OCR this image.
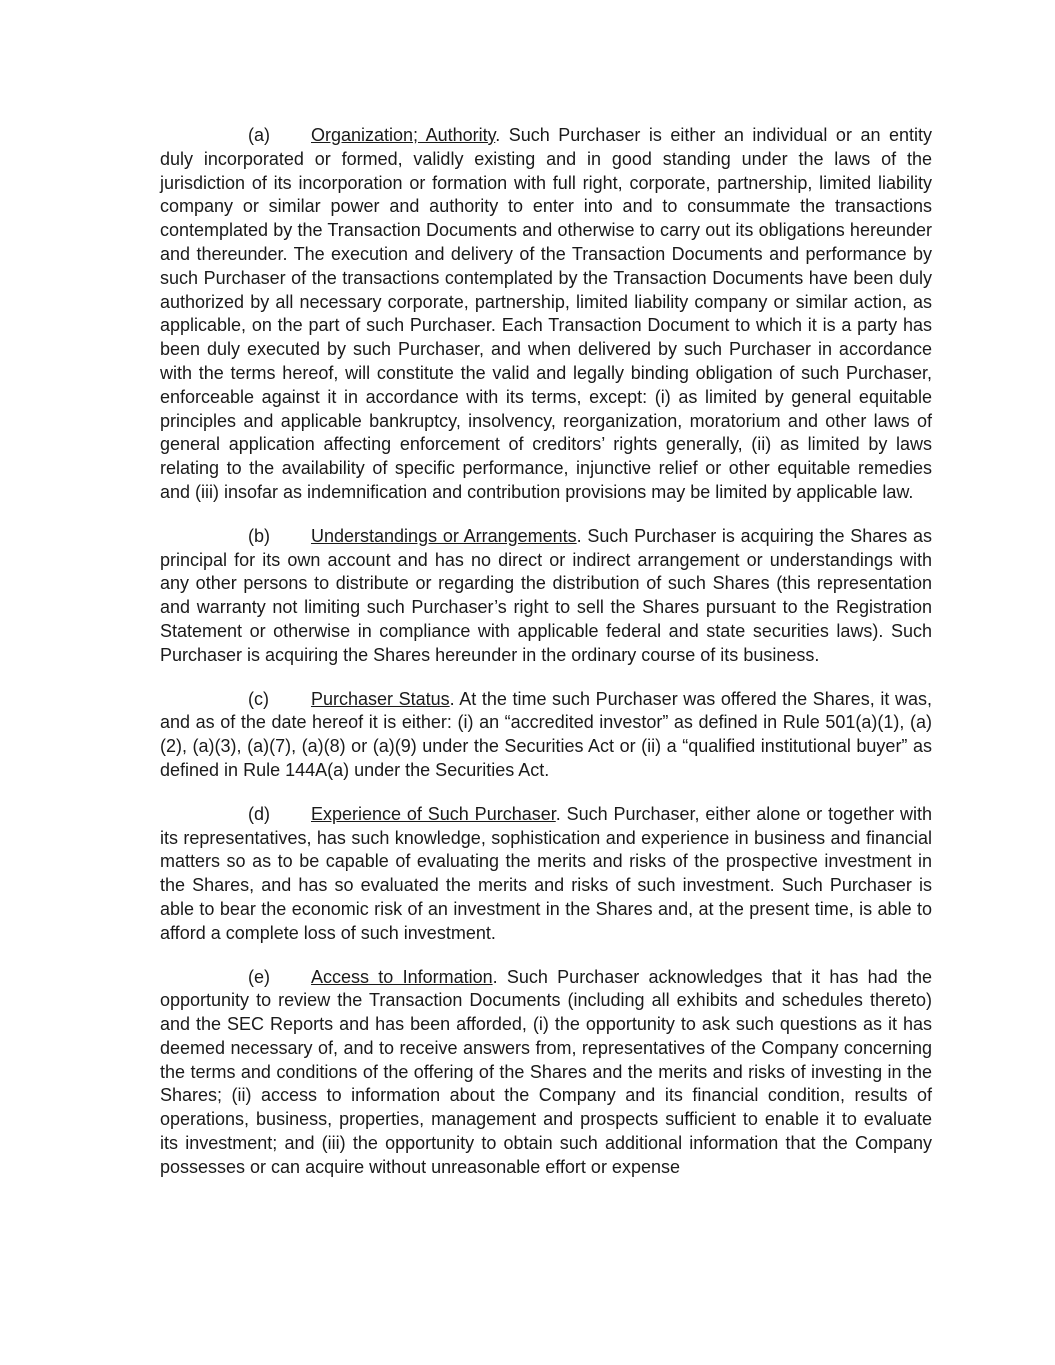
(a) Organization; Authority. Such Purchaser is either an individual or an entity duly incorporated or formed, validly existing and in good standing under the laws of the jurisdiction of its incorporation or formation with full right, corporate, partnership, limited liability company or similar power and authority to enter into and to consummate the transactions contemplated by the Transaction Documents and otherwise to carry out its obligations hereunder and thereunder. The execution and delivery of the Transaction Documents and performance by such Purchaser of the transactions contemplated by the Transaction Documents have been duly authorized by all necessary corporate, partnership, limited liability company or similar action, as applicable, on the part of such Purchaser. Each Transaction Document to which it is a party has been duly executed by such Purchaser, and when delivered by such Purchaser in accordance with the terms hereof, will constitute the valid and legally binding obligation of such Purchaser, enforceable against it in accordance with its terms, except: (i) as limited by general equitable principles and applicable bankruptcy, insolvency, reorganization, moratorium and other laws of general application affecting enforcement of creditors’ rights generally, (ii) as limited by laws relating to the availability of specific performance, injunctive relief or other equitable remedies and (iii) insofar as indemnification and contribution provisions may be limited by applicable law.

(b) Understandings or Arrangements. Such Purchaser is acquiring the Shares as principal for its own account and has no direct or indirect arrangement or understandings with any other persons to distribute or regarding the distribution of such Shares (this representation and warranty not limiting such Purchaser’s right to sell the Shares pursuant to the Registration Statement or otherwise in compliance with applicable federal and state securities laws). Such Purchaser is acquiring the Shares hereunder in the ordinary course of its business.

(c) Purchaser Status. At the time such Purchaser was offered the Shares, it was, and as of the date hereof it is either: (i) an “accredited investor” as defined in Rule 501(a)(1), (a)(2), (a)(3), (a)(7), (a)(8) or (a)(9) under the Securities Act or (ii) a “qualified institutional buyer” as defined in Rule 144A(a) under the Securities Act.

(d) Experience of Such Purchaser. Such Purchaser, either alone or together with its representatives, has such knowledge, sophistication and experience in business and financial matters so as to be capable of evaluating the merits and risks of the prospective investment in the Shares, and has so evaluated the merits and risks of such investment. Such Purchaser is able to bear the economic risk of an investment in the Shares and, at the present time, is able to afford a complete loss of such investment.

(e) Access to Information. Such Purchaser acknowledges that it has had the opportunity to review the Transaction Documents (including all exhibits and schedules thereto) and the SEC Reports and has been afforded, (i) the opportunity to ask such questions as it has deemed necessary of, and to receive answers from, representatives of the Company concerning the terms and conditions of the offering of the Shares and the merits and risks of investing in the Shares; (ii) access to information about the Company and its financial condition, results of operations, business, properties, management and prospects sufficient to enable it to evaluate its investment; and (iii) the opportunity to obtain such additional information that the Company possesses or can acquire without unreasonable effort or expense
